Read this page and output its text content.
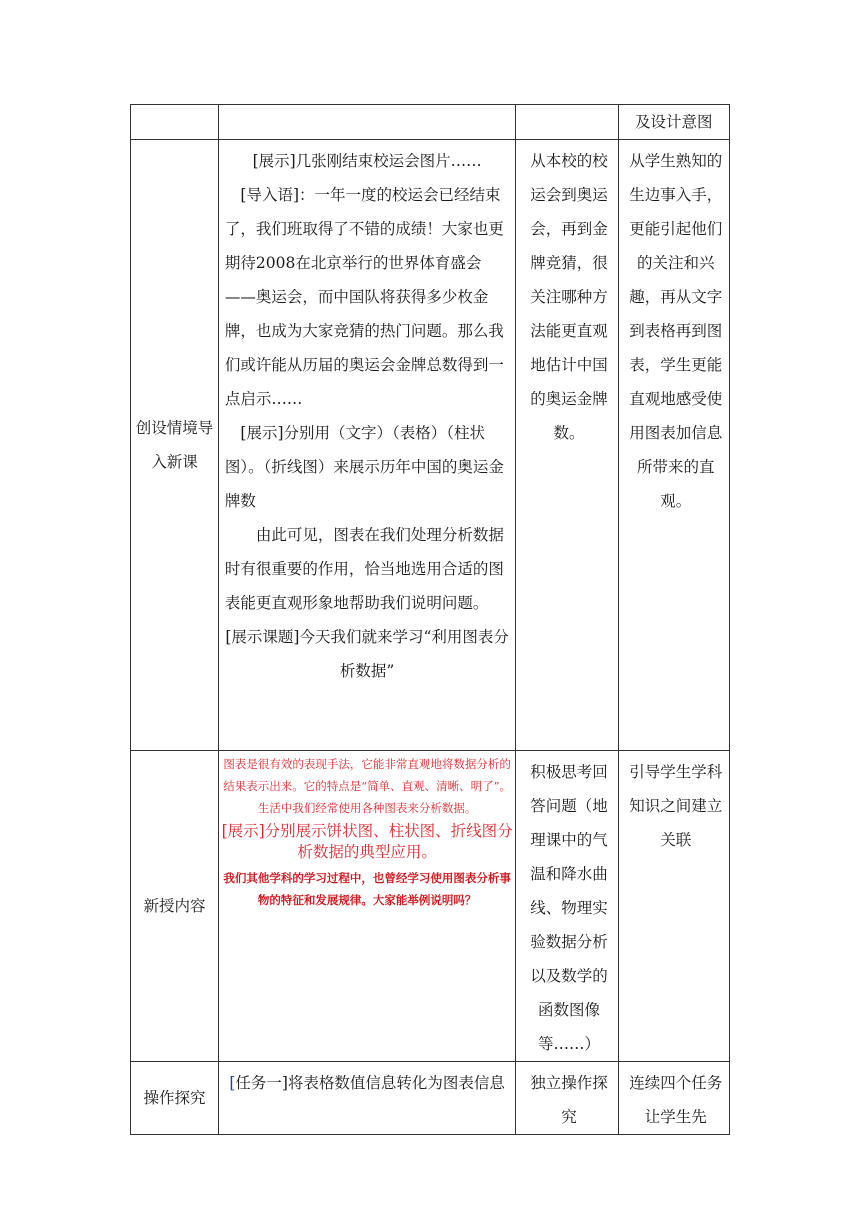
			及设计意图
创设情境导入新课	[展示]几张刚结束校运会图片……

[导入语]：一年一度的校运会已经结束了，我们班取得了不错的成绩！大家也更期待2008在北京举行的世界体育盛会——奥运会，而中国队将获得多少枚金牌，也成为大家竞猜的热门问题。那么我们或许能从历届的奥运会金牌总数得到一点启示……

[展示]分别用（文字）（表格）（柱状图）。（折线图）来展示历年中国的奥运金牌数

由此可见，图表在我们处理分析数据时有很重要的作用，恰当地选用合适的图表能更直观形象地帮助我们说明问题。

[展示课题]今天我们就来学习“利用图表分析数据”	从本校的校运会到奥运会，再到金牌竞猜，很关注哪种方法能更直观地估计中国的奥运金牌数。	从学生熟知的生边事入手，更能引起他们的关注和兴趣，再从文字到表格再到图表，学生更能直观地感受使用图表加信息所带来的直观。

新授内容	图表是很有效的表现手法，它能非常直观地将数据分析的结果表示出来。它的特点是“简单、直观、清晰、明了”。生活中我们经常使用各种图表来分析数据。

[展示]分别展示饼状图、柱状图、折线图分析数据的典型应用。

我们其他学科的学习过程中，也曾经学习使用图表分析事物的特征和发展规律。大家能举例说明吗？	积极思考回答问题（地理课中的气温和降水曲线、物理实验数据分析以及数学的函数图像等……）	引导学生学科知识之间建立关联

操作探究	[任务一]将表格数值信息转化为图表信息	独立操作探究	连续四个任务让学生先
